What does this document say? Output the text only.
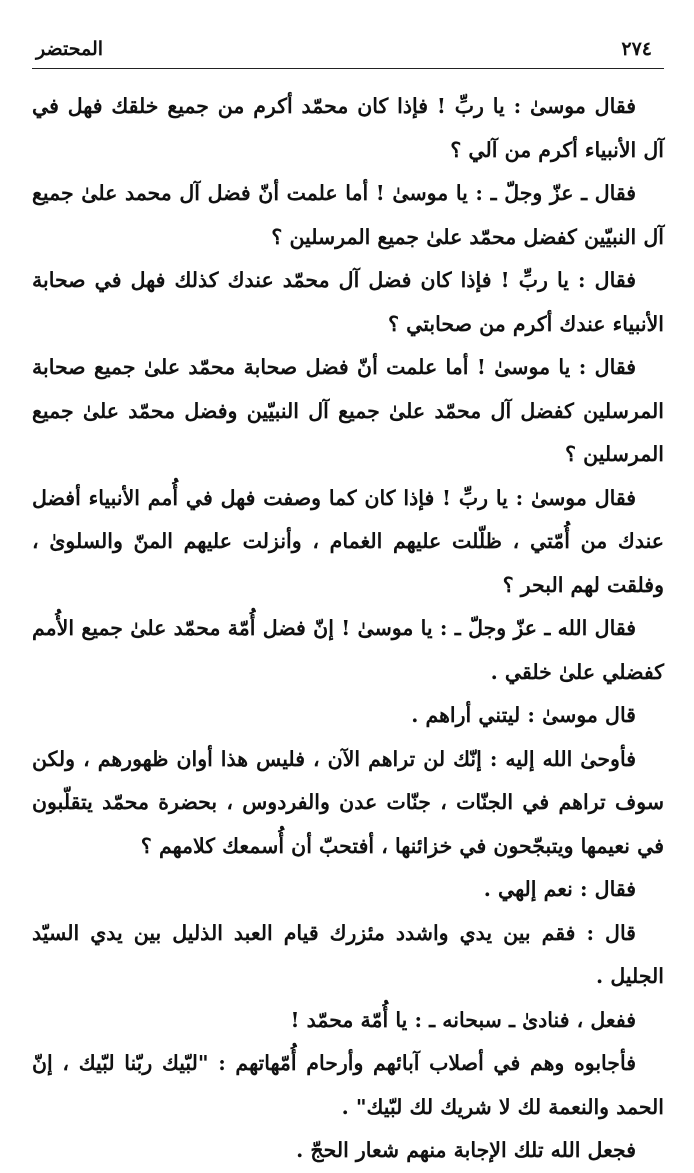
٢٧٤
المحتضر

فقال موسىٰ : يا ربِّ ! فإذا كان محمّد أكرم من جميع خلقك فهل في آل الأنبياء أكرم من آلي ؟

فقال ـ عزّ وجلّ ـ : يا موسىٰ ! أما علمت أنّ فضل آل محمد علىٰ جميع آل النبيّين كفضل محمّد علىٰ جميع المرسلين ؟

فقال : يا ربِّ ! فإذا كان فضل آل محمّد عندك كذلك فهل في صحابة الأنبياء عندك أكرم من صحابتي ؟

فقال : يا موسىٰ ! أما علمت أنّ فضل صحابة محمّد علىٰ جميع صحابة المرسلين كفضل آل محمّد علىٰ جميع آل النبيّين وفضل محمّد علىٰ جميع المرسلين ؟

فقال موسىٰ : يا ربِّ ! فإذا كان كما وصفت فهل في أُمم الأنبياء أفضل عندك من أُمّتي ، ظلّلت عليهم الغمام ، وأنزلت عليهم المنّ والسلوىٰ ، وفلقت لهم البحر ؟

فقال الله ـ عزّ وجلّ ـ : يا موسىٰ ! إنّ فضل أُمّة محمّد علىٰ جميع الأُمم كفضلي علىٰ خلقي .

قال موسىٰ : ليتني أراهم .

فأوحىٰ الله إليه : إنّك لن تراهم الآن ، فليس هذا أوان ظهورهم ، ولكن سوف تراهم في الجنّات ، جنّات عدن والفردوس ، بحضرة محمّد يتقلّبون في نعيمها ويتبجّحون في خزائنها ، أفتحبّ أن أُسمعك كلامهم ؟

فقال : نعم إلهي .

قال : فقم بين يدي واشدد مئزرك قيام العبد الذليل بين يدي السيّد الجليل .

ففعل ، فنادىٰ ـ سبحانه ـ : يا أُمّة محمّد !

فأجابوه وهم في أصلاب آبائهم وأرحام أُمّهاتهم : "لبّيك ربّنا لبّيك ، إنّ الحمد والنعمة لك لا شريك لك لبّيك" .

فجعل الله تلك الإجابة منهم شعار الحجّ .
